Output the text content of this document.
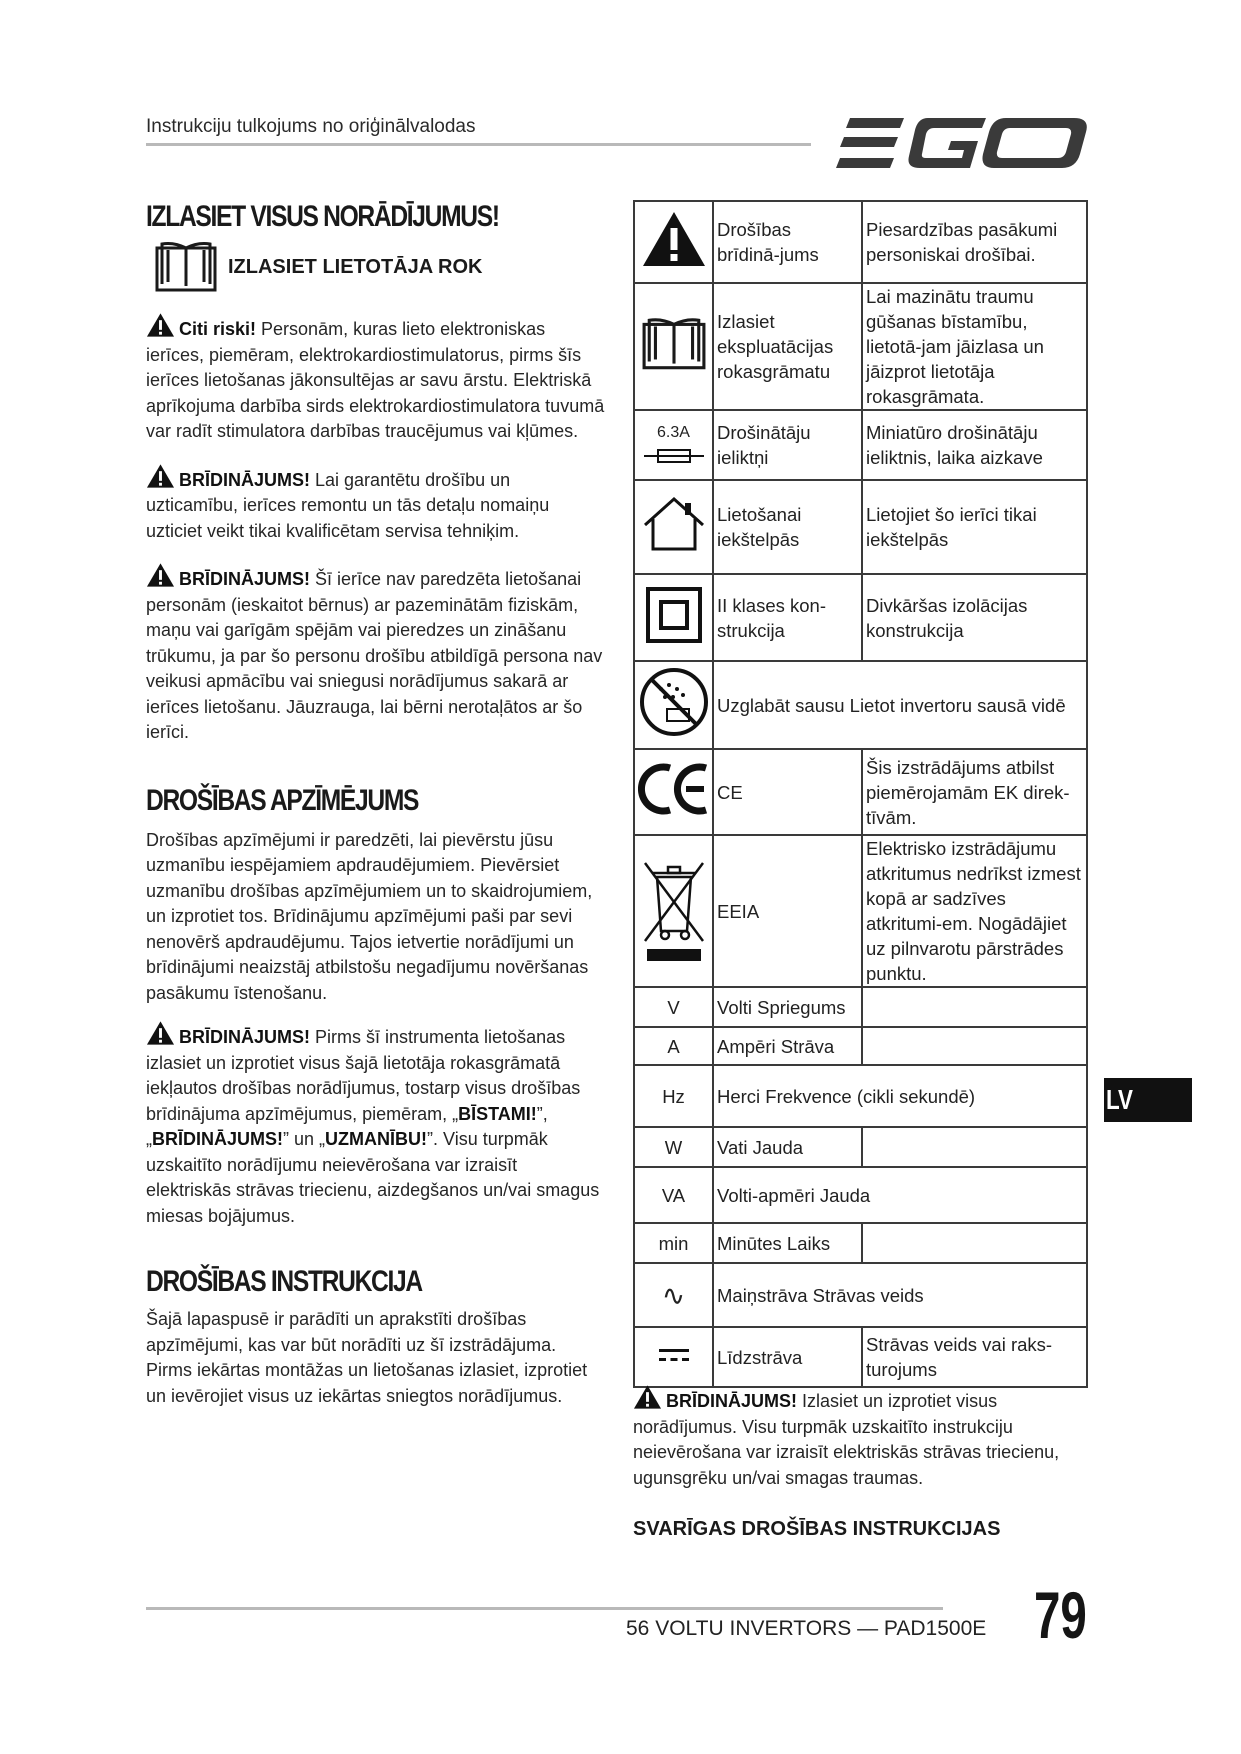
Instrukciju tulkojums no oriģinālvalodas
IZLASIET VISUS NORĀDĪJUMUS!
IZLASIET LIETOTĀJA ROK

Citi riski! Personām, kuras lieto elektroniskas ierīces, piemēram, elektrokardiostimulatorus, pirms šīs ierīces lietošanas jākonsultējas ar savu ārstu. Elektriskā aprīkojuma darbība sirds elektrokardiostimulatora tuvumā var radīt stimulatora darbības traucējumus vai kļūmes.

BRĪDINĀJUMS! Lai garantētu drošību un uzticamību, ierīces remontu un tās detaļu nomaiņu uzticiet veikt tikai kvalificētam servisa tehniķim.

BRĪDINĀJUMS! Šī ierīce nav paredzēta lietošanai personām (ieskaitot bērnus) ar pazeminātām fiziskām, maņu vai garīgām spējām vai pieredzes un zināšanu trūkumu, ja par šo personu drošību atbildīgā persona nav veikusi apmācību vai sniegusi norādījumus sakarā ar ierīces lietošanu. Jāuzrauga, lai bērni nerotaļātos ar šo ierīci.

DROŠĪBAS APZĪMĒJUMS

Drošības apzīmējumi ir paredzēti, lai pievērstu jūsu uzmanību iespējamiem apdraudējumiem. Pievērsiet uzmanību drošības apzīmējumiem un to skaidrojumiem, un izprotiet tos. Brīdinājumu apzīmējumi paši par sevi nenovērš apdraudējumu. Tajos ietvertie norādījumi un brīdinājumi neaizstāj atbilstošu negadījumu novēršanas pasākumu īstenošanu.

BRĪDINĀJUMS! Pirms šī instrumenta lietošanas izlasiet un izprotiet visus šajā lietotāja rokasgrāmatā iekļautos drošības norādījumus, tostarp visus drošības brīdinājuma apzīmējumus, piemēram, „BĪSTAMI!”, „BRĪDINĀJUMS!” un „UZMANĪBU!”. Visu turpmāk uzskaitīto norādījumu neievērošana var izraisīt elektriskās strāvas triecienu, aizdegšanos un/vai smagus miesas bojājumus.

DROŠĪBAS INSTRUKCIJA

Šajā lapaspusē ir parādīti un aprakstīti drošības apzīmējumi, kas var būt norādīti uz šī izstrādājuma. Pirms iekārtas montāžas un lietošanas izlasiet, izprotiet un ievērojiet visus uz iekārtas sniegtos norādījumus.

	Drošības brīdinā-jums	Piesardzības pasākumi personiskai drošībai.
	Izlasiet ekspluatācijas rokasgrāmatu	Lai mazinātu traumu gūšanas bīstamību, lietotā-jam jāizlasa un jāizprot lietotāja rokasgrāmata.

6.3A	Drošinātāju ieliktņi	Miniatūro drošinātāju ieliktnis, laika aizkave
	Lietošanai iekštelpās	Lietojiet šo ierīci tikai iekštelpās
	II klases kon-strukcija	Divkāršas izolācijas konstrukcija
	Uzglabāt sausu Lietot invertoru sausā vidē	
	CE	Šis izstrādājums atbilst piemērojamām EK direk-tīvām.
	EEIA	Elektrisko izstrādājumu atkritumus nedrīkst izmest kopā ar sadzīves atkritumi-em. Nogādājiet uz pilnvarotu pārstrādes punktu.
V	Volti Spriegums	
A	Ampēri Strāva	
Hz	Herci Frekvence (cikli sekundē)	
W	Vati Jauda	
VA	Volti-apmēri Jauda	
min	Minūtes Laiks	
∿	Maiņstrāva Strāvas veids	
	Līdzstrāva	Strāvas veids vai raks-turojums

BRĪDINĀJUMS! Izlasiet un izprotiet visus norādījumus. Visu turpmāk uzskaitīto instrukciju neievērošana var izraisīt elektriskās strāvas triecienu, ugunsgrēku un/vai smagas traumas.

SVARĪGAS DROŠĪBAS INSTRUKCIJAS
56 VOLTU INVERTORS — PAD1500E 79
LV
